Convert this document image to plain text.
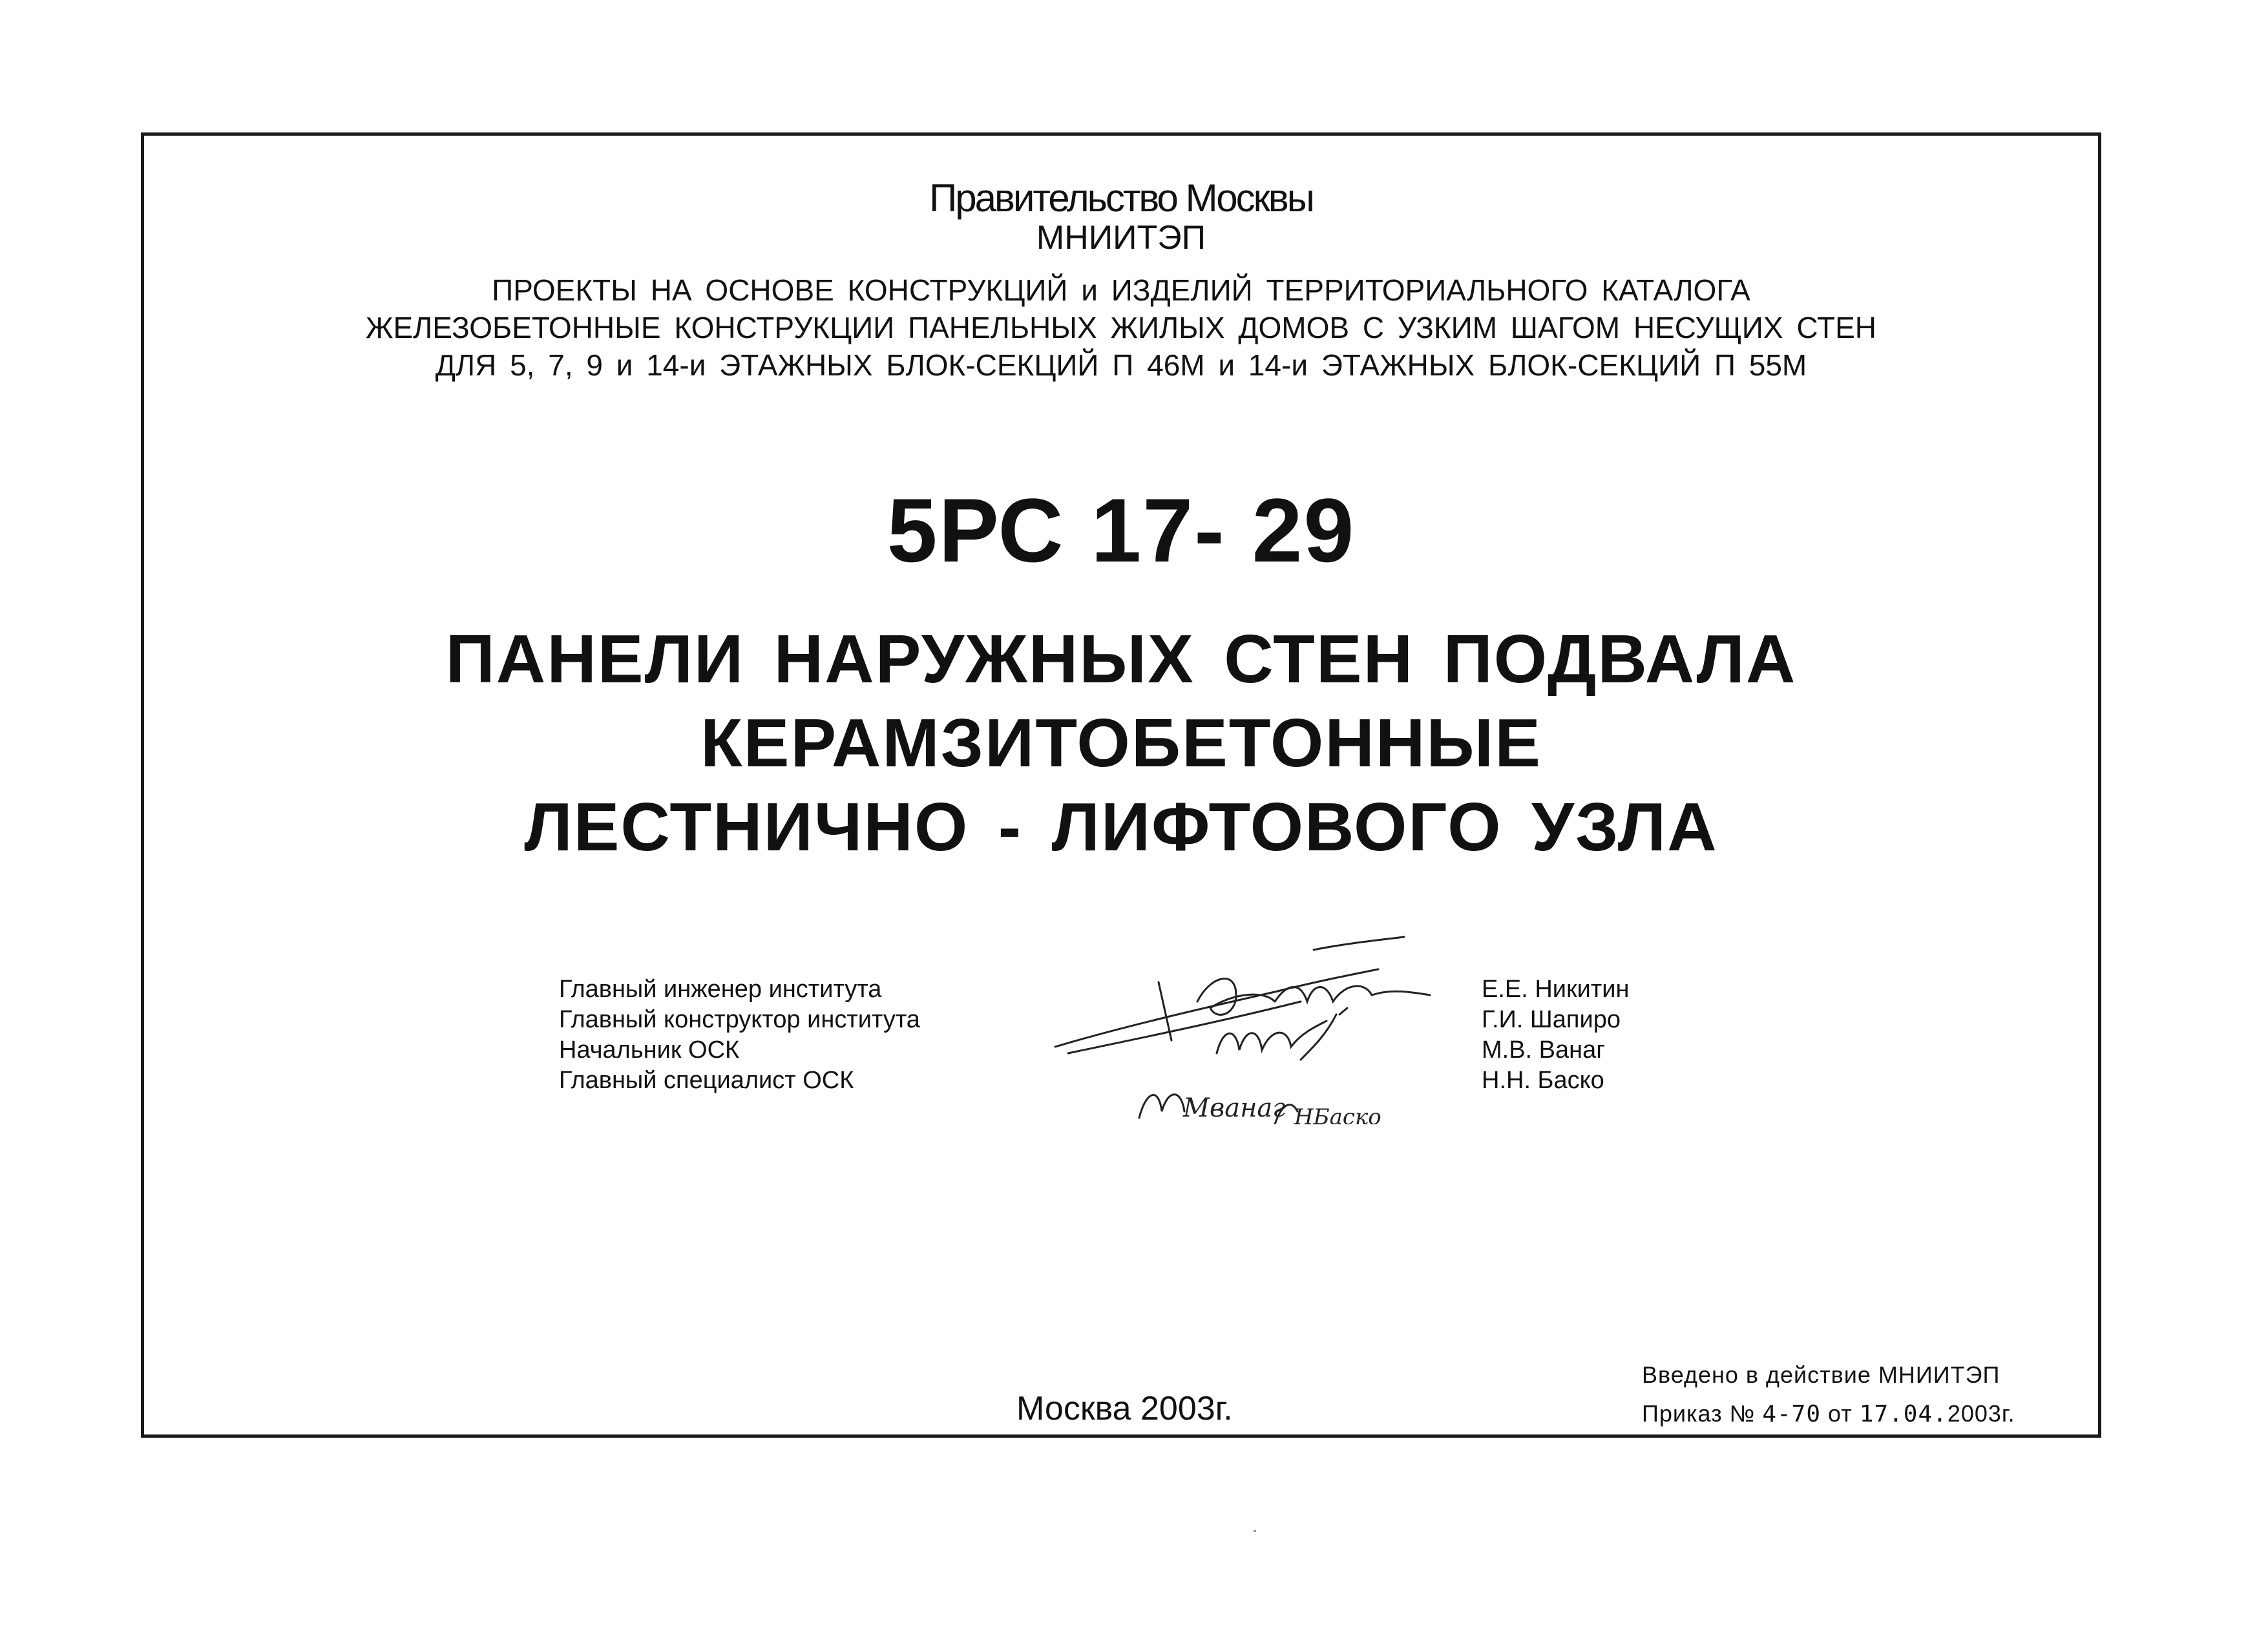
Правительство Москвы
МНИИТЭП
ПРОЕКТЫ НА ОСНОВЕ КОНСТРУКЦИЙ и ИЗДЕЛИЙ ТЕРРИТОРИАЛЬНОГО КАТАЛОГА
ЖЕЛЕЗОБЕТОННЫЕ КОНСТРУКЦИИ ПАНЕЛЬНЫХ ЖИЛЫХ ДОМОВ С УЗКИМ ШАГОМ НЕСУЩИХ СТЕН
ДЛЯ 5, 7, 9 и 14-и ЭТАЖНЫХ БЛОК-СЕКЦИЙ П 46М и 14-и ЭТАЖНЫХ БЛОК-СЕКЦИЙ П 55М
5РС 17- 29
ПАНЕЛИ НАРУЖНЫХ СТЕН ПОДВАЛА
КЕРАМЗИТОБЕТОННЫЕ
ЛЕСТНИЧНО - ЛИФТОВОГО УЗЛА
Главный инженер института
Главный конструктор института
Начальник ОСК
Главный специалист ОСК
Мванаг НБаско
Е.Е. Никитин
Г.И. Шапиро
М.В. Ванаг
Н.Н. Баско
Москва 2003г.
Введено в действие МНИИТЭП
Приказ № 4-70 от 17.04.2003г.
